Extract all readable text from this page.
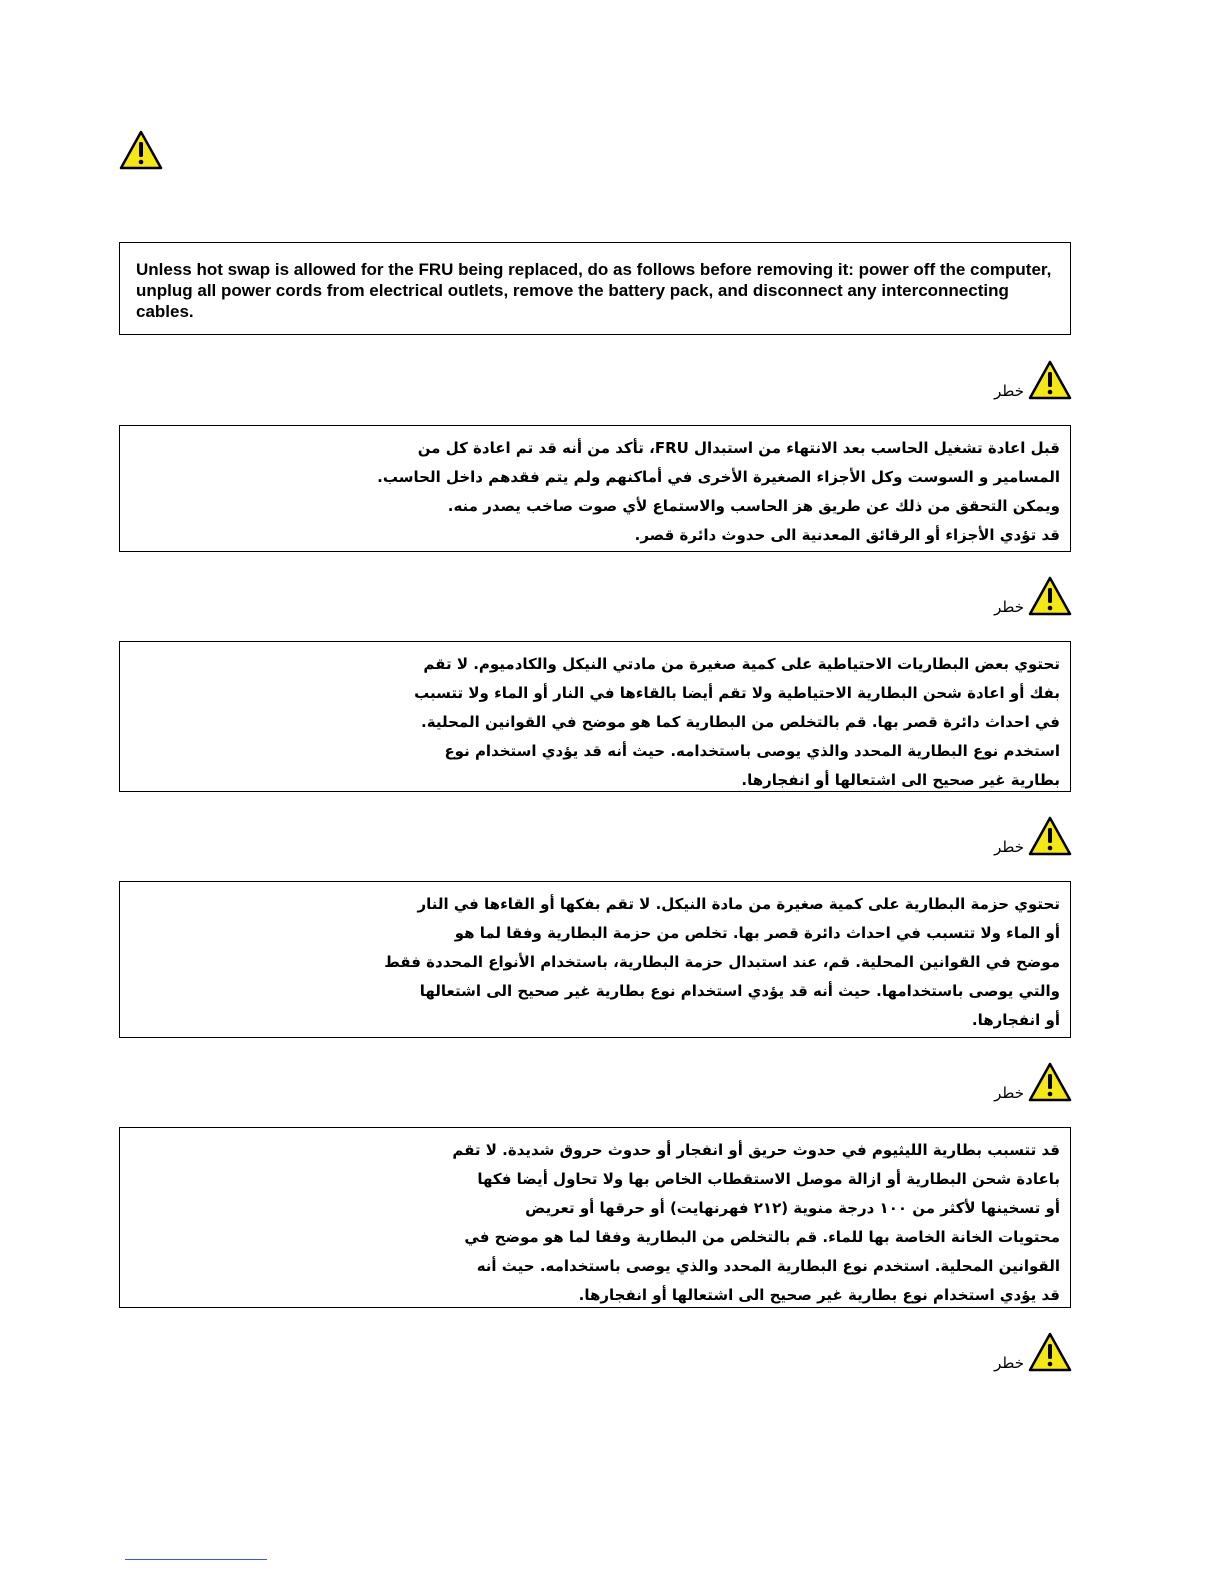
Unless hot swap is allowed for the FRU being replaced, do as follows before removing it: power off the computer, unplug all power cords from electrical outlets, remove the battery pack, and disconnect any interconnecting cables.

خطر
قبل اعادة تشغيل الحاسب بعد الانتهاء من استبدال FRU، تأكد من أنه قد تم اعادة كل من
المسامير و السوست وكل الأجزاء الصغيرة الأخرى في أماكنهم ولم يتم فقدهم داخل الحاسب.
ويمكن التحقق من ذلك عن طريق هز الحاسب والاستماع لأي صوت صاخب يصدر منه.
قد تؤدي الأجزاء أو الرقائق المعدنية الى حدوث دائرة قصر.
خطر
تحتوي بعض البطاريات الاحتياطية على كمية صغيرة من مادتي النيكل والكادميوم. لا تقم
بفك أو اعادة شحن البطارية الاحتياطية ولا تقم أيضا بالقاءها في النار أو الماء ولا تتسبب
في احداث دائرة قصر بها. قم بالتخلص من البطارية كما هو موضح في القوانين المحلية.
استخدم نوع البطارية المحدد والذي يوصى باستخدامه. حيث أنه قد يؤدي استخدام نوع
بطارية غير صحيح الى اشتعالها أو انفجارها.
خطر
تحتوي حزمة البطارية على كمية صغيرة من مادة النيكل. لا تقم بفكها أو القاءها في النار
أو الماء ولا تتسبب في احداث دائرة قصر بها. تخلص من حزمة البطارية وفقا لما هو
موضح في القوانين المحلية. قم، عند استبدال حزمة البطارية، باستخدام الأنواع المحددة فقط
والتي يوصى باستخدامها. حيث أنه قد يؤدي استخدام نوع بطارية غير صحيح الى اشتعالها
أو انفجارها.
خطر
قد تتسبب بطارية الليثيوم في حدوث حريق أو انفجار أو حدوث حروق شديدة. لا تقم
باعادة شحن البطارية أو ازالة موصل الاستقطاب الخاص بها ولا تحاول أيضا فكها
أو تسخينها لأكثر من ١٠٠ درجة منوية (٢١٢ فهرنهايت) أو حرقها أو تعريض
محتويات الخانة الخاصة بها للماء. قم بالتخلص من البطارية وفقا لما هو موضح في
القوانين المحلية. استخدم نوع البطارية المحدد والذي يوصى باستخدامه. حيث أنه
قد يؤدي استخدام نوع بطارية غير صحيح الى اشتعالها أو انفجارها.
خطر
